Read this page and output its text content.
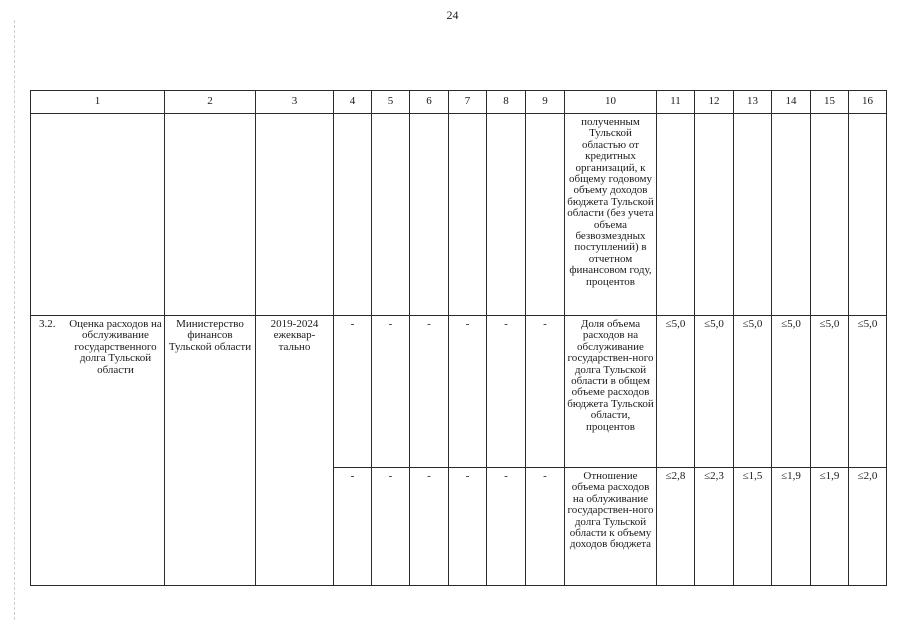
24
1	2	3	4	5	6	7	8	9	10	11	12	13	14	15	16
									полученным Тульской областью от кредитных организаций, к общему годовому объему доходов бюджета Тульской области (без учета объема безвозмездных поступлений) в отчетном финансовом году, процентов						

3.2. Оценка расходов на обслуживание государственного долга Тульской области	Министерство финансов Тульской области	2019-2024 ежеквар-тально	-	-	-	-	-	-	Доля объема расходов на обслуживание государствен-ного долга Тульской области в общем объеме расходов бюджета Тульской области, процентов	≤5,0	≤5,0	≤5,0	≤5,0	≤5,0	≤5,0
			-	-	-	-	-	-	Отношение объема расходов на облуживание государствен-ного долга Тульской области к объему доходов бюджета	≤2,8	≤2,3	≤1,5	≤1,9	≤1,9	≤2,0
